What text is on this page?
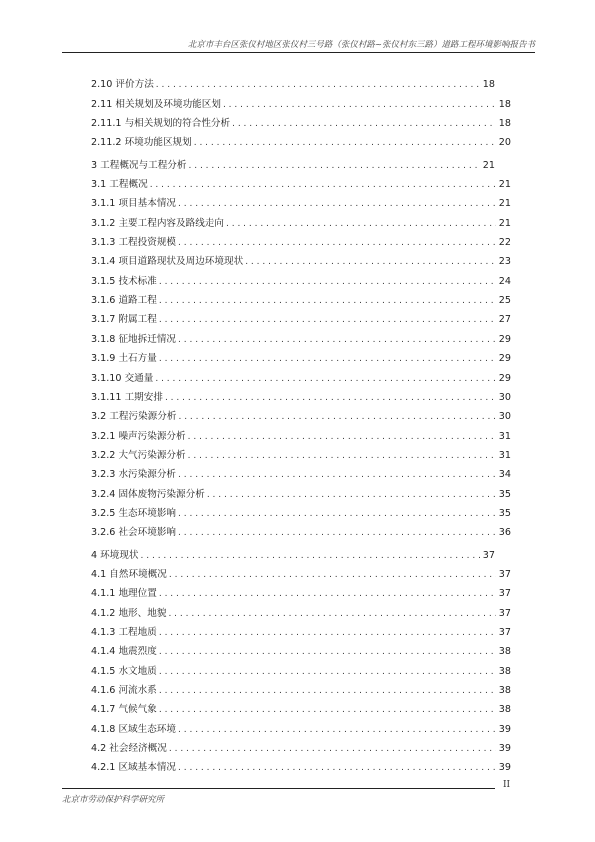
北京市丰台区张仪村地区张仪村三号路（张仪村路~张仪村东三路）道路工程环境影响报告书
2.10 评价方法 . . .	18
2.11 相关规划及环境功能区划 . . .	18
2.11.1 与相关规划的符合性分析 . . .	18
2.11.2 环境功能区规划 . . .	20
3 工程概况与工程分析 . . .	21
3.1 工程概况 . . .	21
3.1.1 项目基本情况 . . .	21
3.1.2 主要工程内容及路线走向 . . .	21
3.1.3 工程投资规模 . . .	22
3.1.4 项目道路现状及周边环境现状 . . .	23
3.1.5 技术标准 . . .	24
3.1.6 道路工程 . . .	25
3.1.7 附属工程 . . .	27
3.1.8 征地拆迁情况 . . .	29
3.1.9 土石方量 . . .	29
3.1.10 交通量 . . .	29
3.1.11 工期安排 . . .	30
3.2 工程污染源分析 . . .	30
3.2.1 噪声污染源分析 . . .	31
3.2.2 大气污染源分析 . . .	31
3.2.3 水污染源分析 . . .	34
3.2.4 固体废物污染源分析 . . .	35
3.2.5 生态环境影响 . . .	35
3.2.6 社会环境影响 . . .	36
4 环境现状 . . .	37
4.1 自然环境概况 . . .	37
4.1.1 地理位置 . . .	37
4.1.2 地形、地貌 . . .	37
4.1.3 工程地质 . . .	37
4.1.4 地震烈度 . . .	38
4.1.5 水文地质 . . .	38
4.1.6 河流水系 . . .	38
4.1.7 气候气象 . . .	38
4.1.8 区域生态环境 . . .	39
4.2 社会经济概况 . . .	39
4.2.1 区域基本情况 . . .	39
北京市劳动保护科学研究所
II
